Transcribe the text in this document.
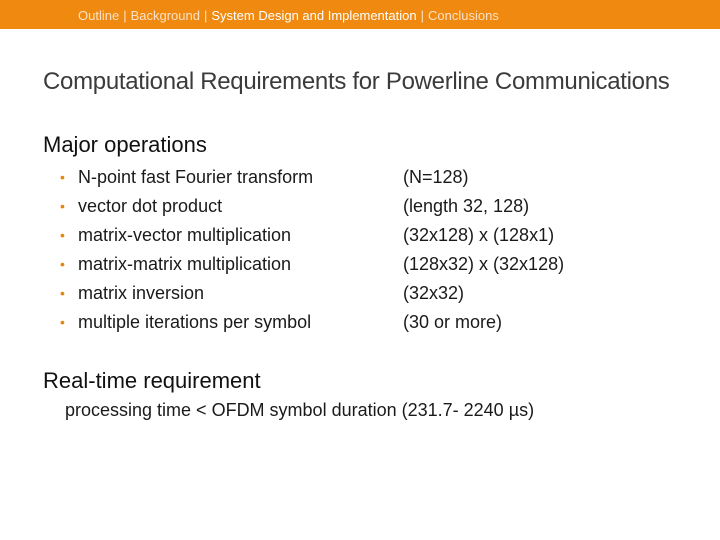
Outline | Background | System Design and Implementation | Conclusions
Computational Requirements for Powerline Communications
Major operations
• N-point fast Fourier transform	(N=128)
• vector dot product	(length 32, 128)
• matrix-vector multiplication	(32x128) x (128x1)
• matrix-matrix multiplication	(128x32) x (32x128)
• matrix inversion	(32x32)
• multiple iterations per symbol	(30 or more)
Real-time requirement
processing time < OFDM symbol duration (231.7- 2240 µs)
